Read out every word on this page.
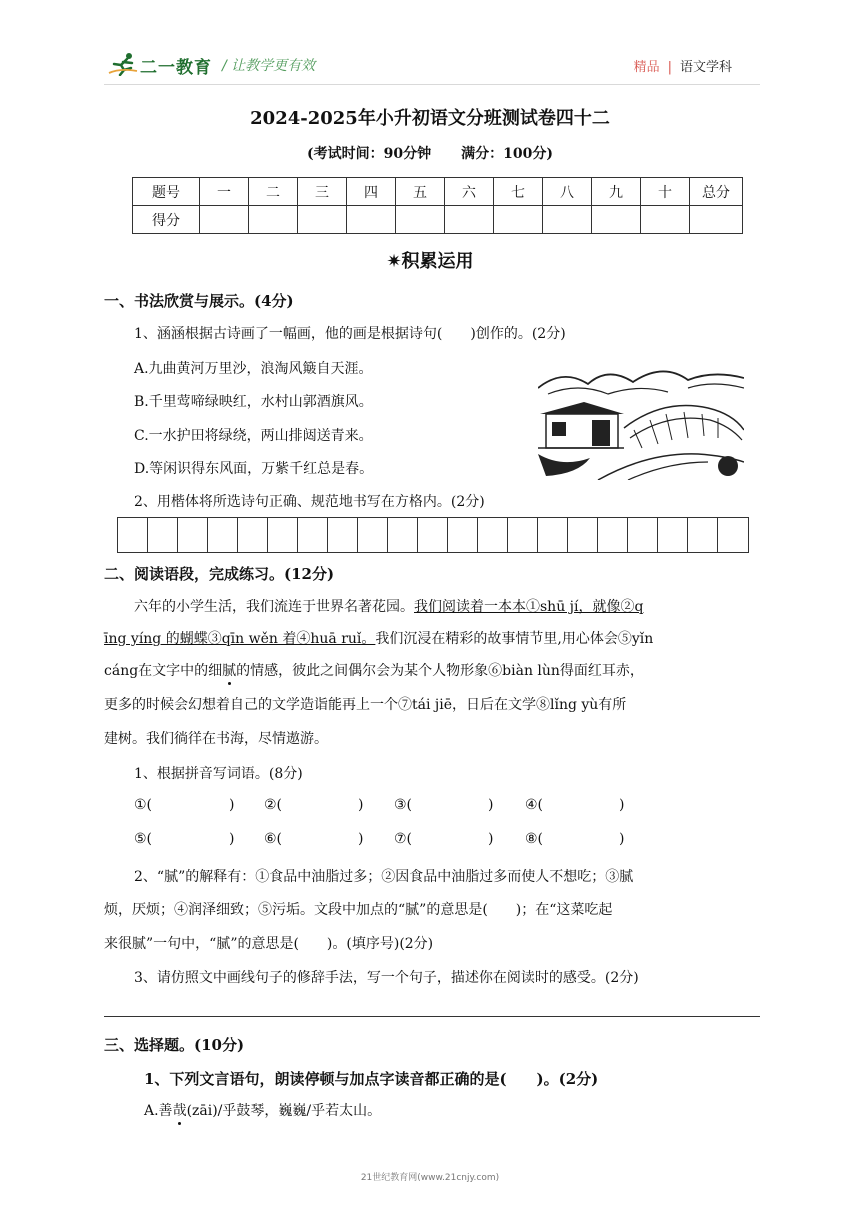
二一教育 / 让教学更有效	精品 | 语文学科
2024-2025年小升初语文分班测试卷四十二
(考试时间：90分钟 满分：100分)
题号	一	二	三	四	五	六	七	八	九	十	总分
得分											
✷积累运用
一、书法欣赏与展示。(4分)
1、涵涵根据古诗画了一幅画，他的画是根据诗句(　　)创作的。(2分)
A.九曲黄河万里沙，浪淘风簸自天涯。
B.千里莺啼绿映红，水村山郭酒旗风。
C.一水护田将绿绕，两山排闼送青来。
D.等闲识得东风面，万紫千红总是春。
2、用楷体将所选诗句正确、规范地书写在方格内。(2分)
二、阅读语段，完成练习。(12分)
六年的小学生活，我们流连于世界名著花园。我们阅读着一本本①shū jí，就像②q
īng yíng 的蝴蝶③qīn wěn 着④huā ruǐ。我们沉浸在精彩的故事情节里,用心体会⑤yǐn
cáng在文字中的细腻的情感，彼此之间偶尔会为某个人物形象⑥biàn lùn得面红耳赤，
更多的时候会幻想着自己的文学造诣能再上一个⑦tái jiē，日后在文学⑧lǐng yù有所
建树。我们徜徉在书海，尽情遨游。
1、根据拼音写词语。(8分)
①(	) ②(	) ③(	) ④(	)
⑤(	) ⑥(	) ⑦(	) ⑧(	)
2、“腻”的解释有：①食品中油脂过多；②因食品中油脂过多而使人不想吃；③腻
烦，厌烦；④润泽细致；⑤污垢。文段中加点的“腻”的意思是(　　)；在“这菜吃起
来很腻”一句中，“腻”的意思是(　　)。(填序号)(2分)
3、请仿照文中画线句子的修辞手法，写一个句子，描述你在阅读时的感受。(2分)
三、选择题。(10分)
1、下列文言语句，朗读停顿与加点字读音都正确的是(　　)。(2分)
A.善哉(zāi)/乎鼓琴，巍巍/乎若太山。
21世纪教育网(www.21cnjy.com)
